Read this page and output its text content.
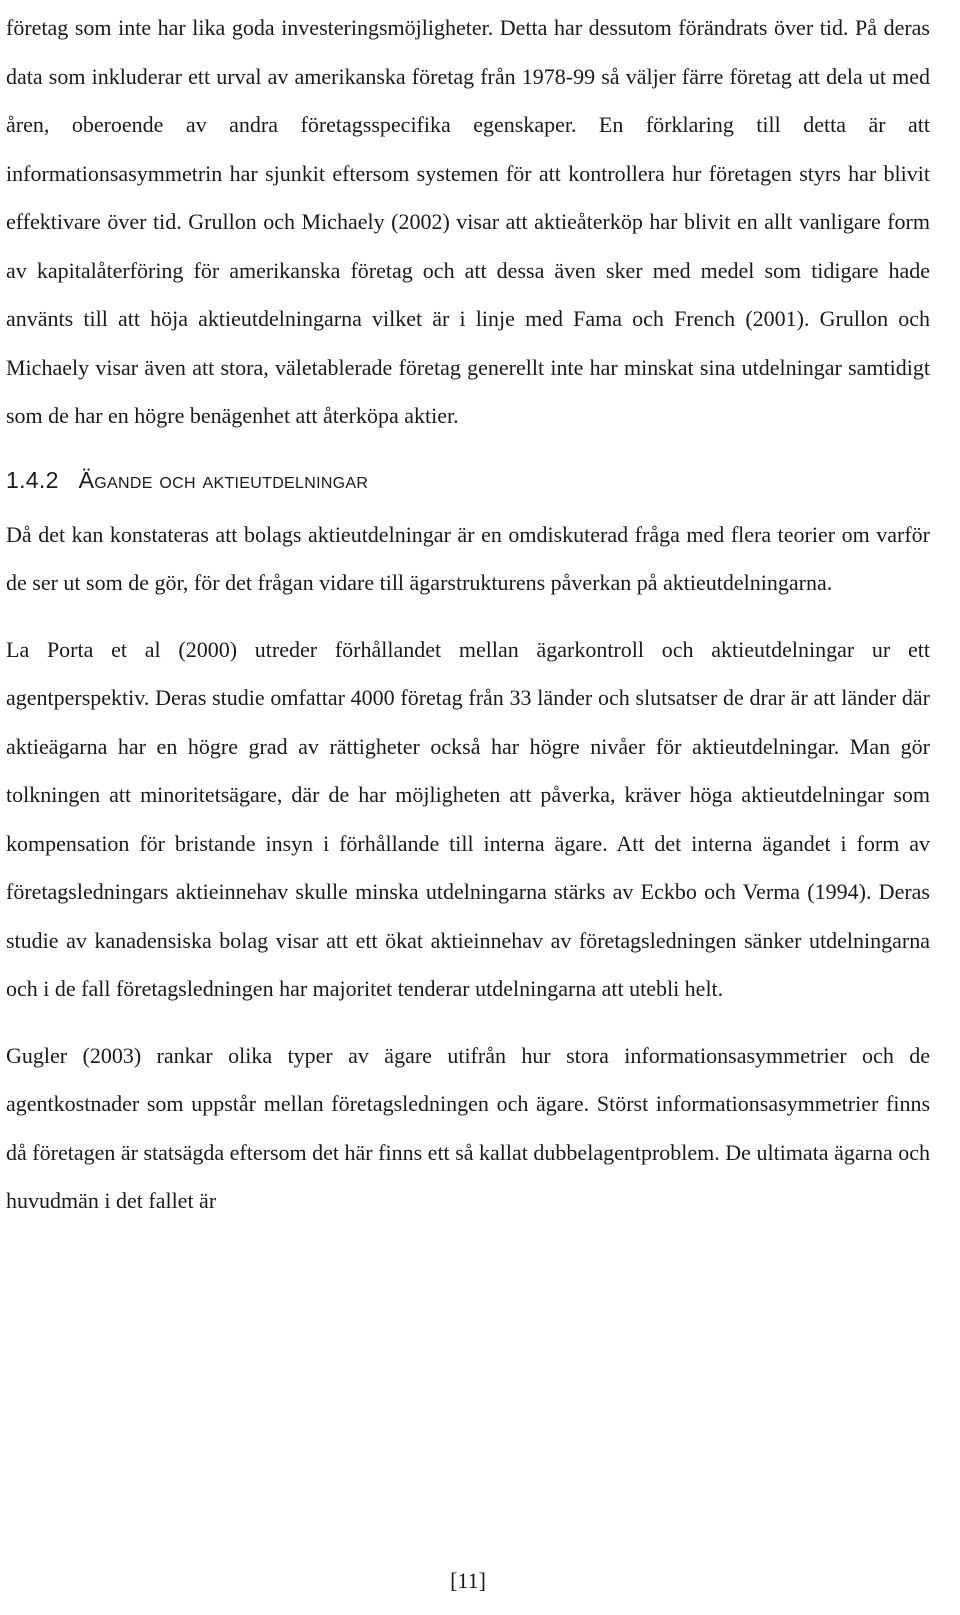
företag som inte har lika goda investeringsmöjligheter. Detta har dessutom förändrats över tid. På deras data som inkluderar ett urval av amerikanska företag från 1978-99 så väljer färre företag att dela ut med åren, oberoende av andra företagsspecifika egenskaper. En förklaring till detta är att informationsasymmetrin har sjunkit eftersom systemen för att kontrollera hur företagen styrs har blivit effektivare över tid. Grullon och Michaely (2002) visar att aktieåterköp har blivit en allt vanligare form av kapitalåterföring för amerikanska företag och att dessa även sker med medel som tidigare hade använts till att höja aktieutdelningarna vilket är i linje med Fama och French (2001). Grullon och Michaely visar även att stora, väletablerade företag generellt inte har minskat sina utdelningar samtidigt som de har en högre benägenhet att återköpa aktier.

1.4.2 Ägande och aktieutdelningar

Då det kan konstateras att bolags aktieutdelningar är en omdiskuterad fråga med flera teorier om varför de ser ut som de gör, för det frågan vidare till ägarstrukturens påverkan på aktieutdelningarna.

La Porta et al (2000) utreder förhållandet mellan ägarkontroll och aktieutdelningar ur ett agentperspektiv. Deras studie omfattar 4000 företag från 33 länder och slutsatser de drar är att länder där aktieägarna har en högre grad av rättigheter också har högre nivåer för aktieutdelningar. Man gör tolkningen att minoritetsägare, där de har möjligheten att påverka, kräver höga aktieutdelningar som kompensation för bristande insyn i förhållande till interna ägare. Att det interna ägandet i form av företagsledningars aktieinnehav skulle minska utdelningarna stärks av Eckbo och Verma (1994). Deras studie av kanadensiska bolag visar att ett ökat aktieinnehav av företagsledningen sänker utdelningarna och i de fall företagsledningen har majoritet tenderar utdelningarna att utebli helt.

Gugler (2003) rankar olika typer av ägare utifrån hur stora informationsasymmetrier och de agentkostnader som uppstår mellan företagsledningen och ägare. Störst informationsasymmetrier finns då företagen är statsägda eftersom det här finns ett så kallat dubbelagentproblem. De ultimata ägarna och huvudmän i det fallet är

[11]
